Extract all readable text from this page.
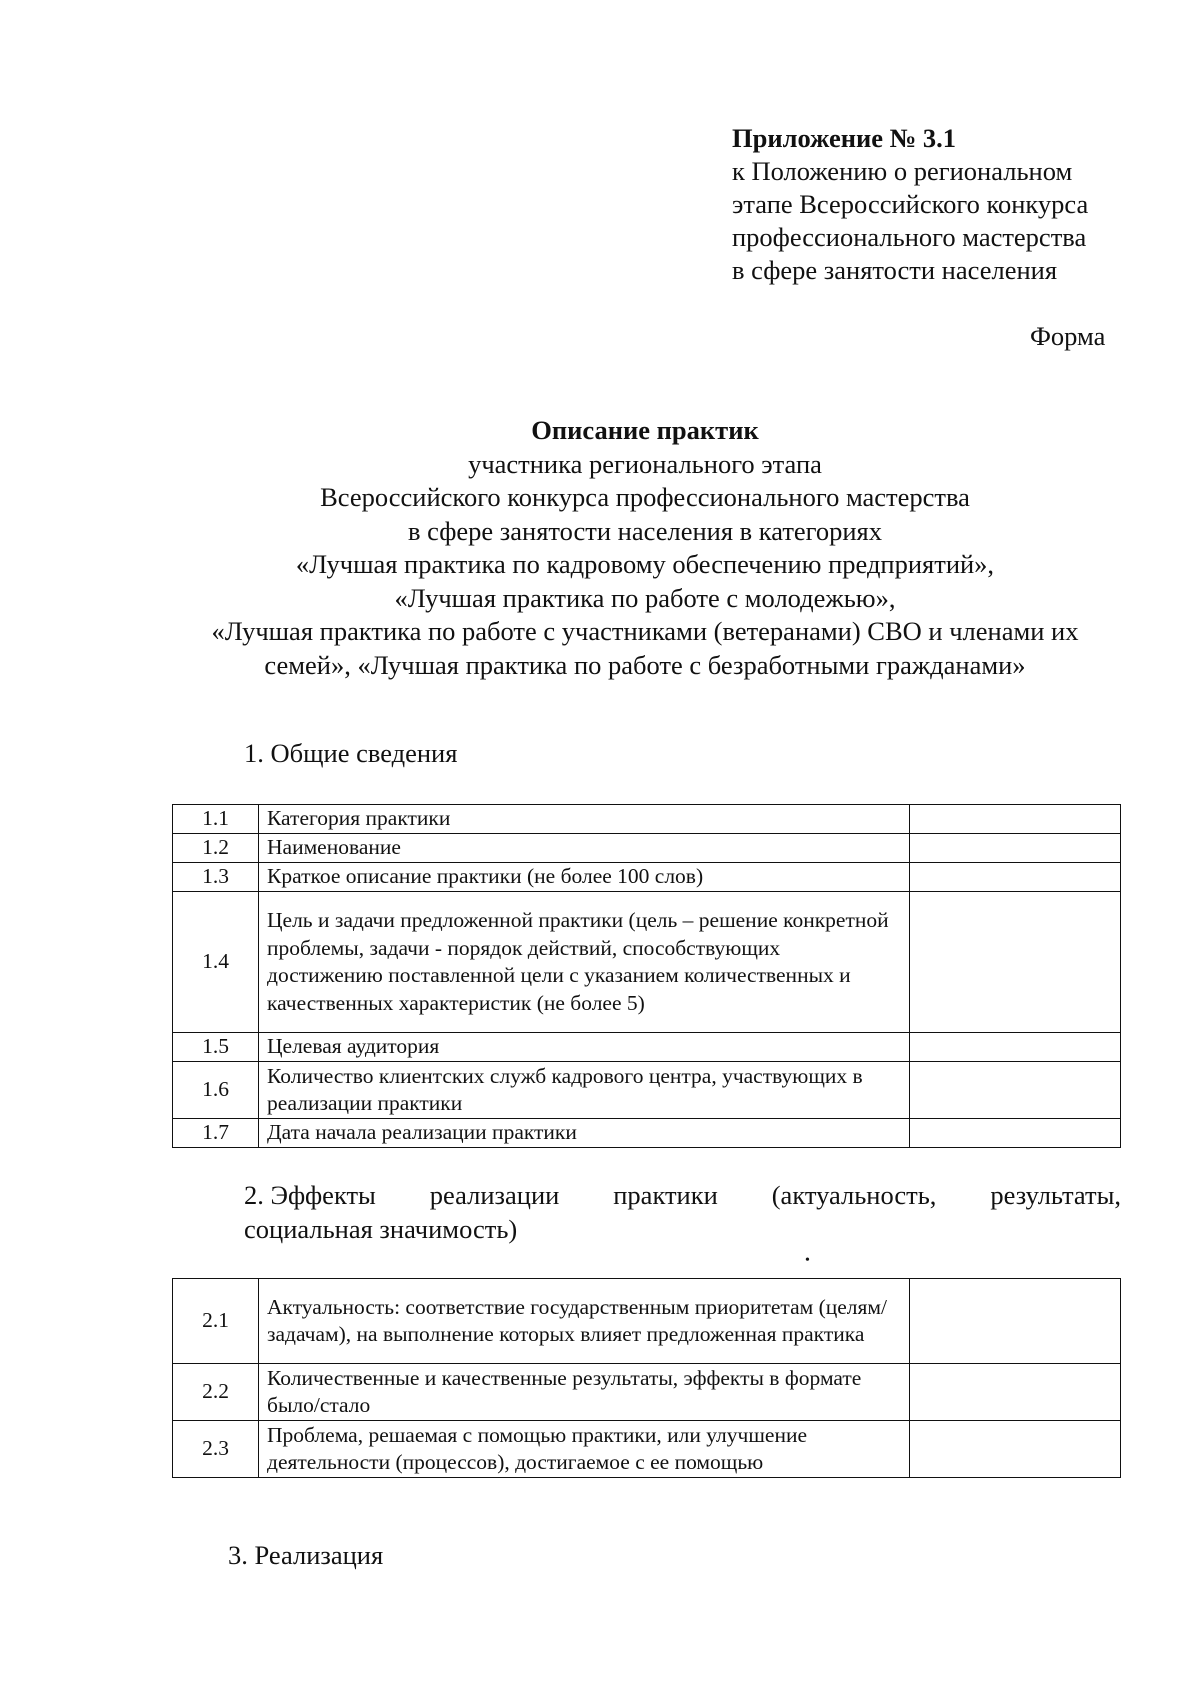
Приложение № 3.1
к Положению о региональном
этапе Всероссийского конкурса
профессионального мастерства
в сфере занятости населения
Форма
Описание практик
участника регионального этапа
Всероссийского конкурса профессионального мастерства
в сфере занятости населения в категориях
«Лучшая практика по кадровому обеспечению предприятий»,
«Лучшая практика по работе с молодежью»,
«Лучшая практика по работе с участниками (ветеранами) СВО и членами их
семей», «Лучшая практика по работе с безработными гражданами»
1. Общие сведения
1.1	Категория практики	
1.2	Наименование	
1.3	Краткое описание практики (не более 100 слов)	
1.4	Цель и задачи предложенной практики (цель – решение конкретной проблемы, задачи - порядок действий, способствующих достижению поставленной цели с указанием количественных и качественных характеристик (не более 5)	
1.5	Целевая аудитория	
1.6	Количество клиентских служб кадрового центра, участвующих в реализации практики	
1.7	Дата начала реализации практики	
2. Эффекты реализации практики (актуальность, результаты,
социальная значимость)
•
2.1	Актуальность: соответствие государственным приоритетам (целям/задачам), на выполнение которых влияет предложенная практика	
2.2	Количественные и качественные результаты, эффекты в формате было/стало	
2.3	Проблема, решаемая с помощью практики, или улучшение деятельности (процессов), достигаемое с ее помощью	
3. Реализация
